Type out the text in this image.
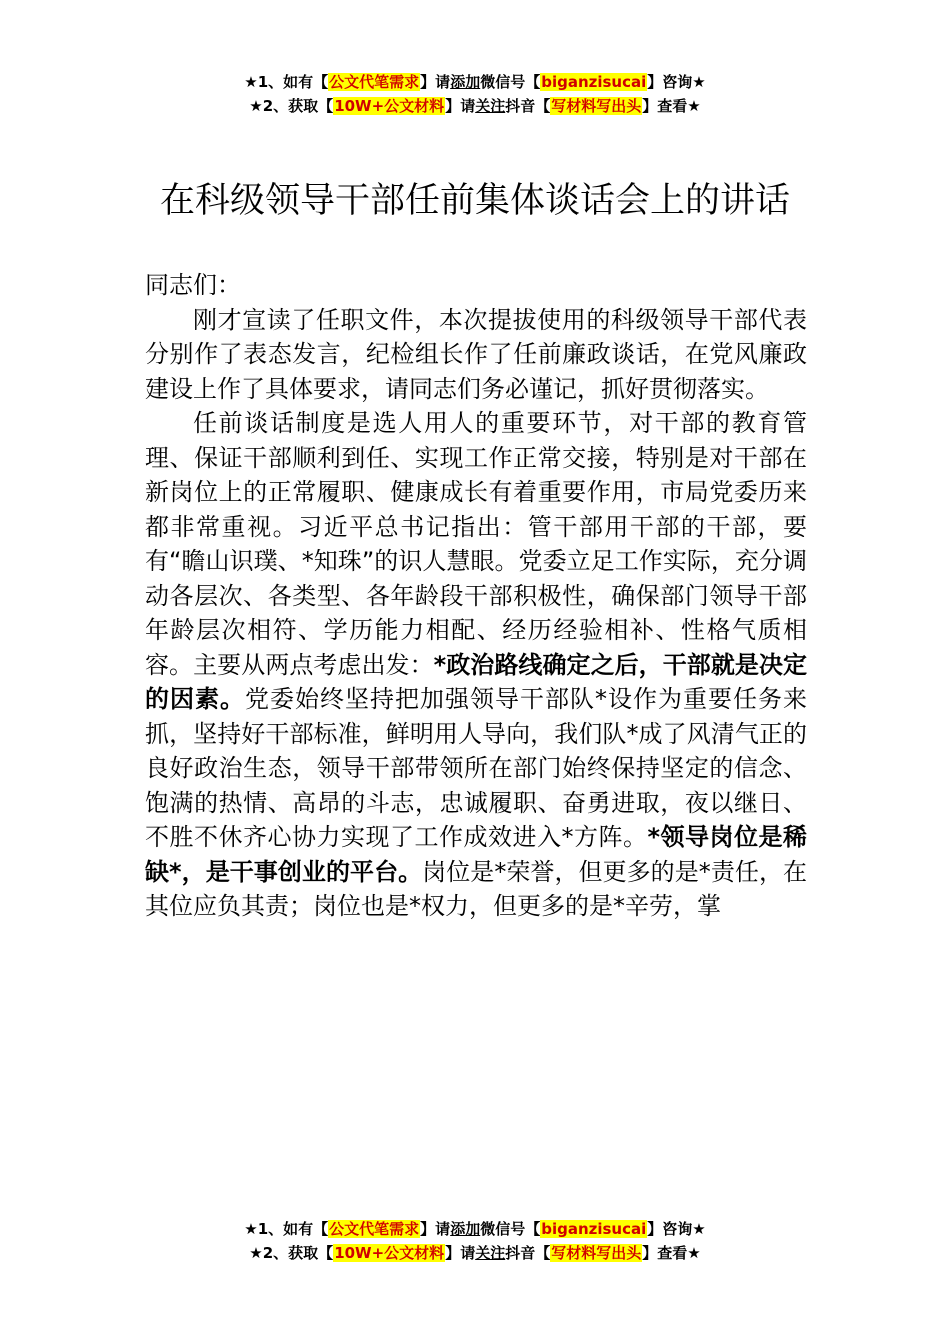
★1、如有【公文代笔需求】请添加微信号【biganzisucai】咨询★
★2、获取【10W+公文材料】请关注抖音【写材料写出头】查看★
在科级领导干部任前集体谈话会上的讲话

同志们：

刚才宣读了任职文件，本次提拔使用的科级领导干部代表分别作了表态发言，纪检组长作了任前廉政谈话，在党风廉政建设上作了具体要求，请同志们务必谨记，抓好贯彻落实。

任前谈话制度是选人用人的重要环节，对干部的教育管理、保证干部顺利到任、实现工作正常交接，特别是对干部在新岗位上的正常履职、健康成长有着重要作用，市局党委历来都非常重视。习近平总书记指出：管干部用干部的干部，要有“瞻山识璞、*知珠”的识人慧眼。党委立足工作实际，充分调动各层次、各类型、各年龄段干部积极性，确保部门领导干部年龄层次相符、学历能力相配、经历经验相补、性格气质相容。主要从两点考虑出发：*政治路线确定之后，干部就是决定的因素。党委始终坚持把加强领导干部队*设作为重要任务来抓，坚持好干部标准，鲜明用人导向，我们队*成了风清气正的良好政治生态，领导干部带领所在部门始终保持坚定的信念、饱满的热情、高昂的斗志，忠诚履职、奋勇进取，夜以继日、不胜不休齐心协力实现了工作成效进入*方阵。*领导岗位是稀缺*，是干事创业的平台。岗位是*荣誉，但更多的是*责任，在其位应负其责；岗位也是*权力，但更多的是*辛劳，掌

★1、如有【公文代笔需求】请添加微信号【biganzisucai】咨询★
★2、获取【10W+公文材料】请关注抖音【写材料写出头】查看★
